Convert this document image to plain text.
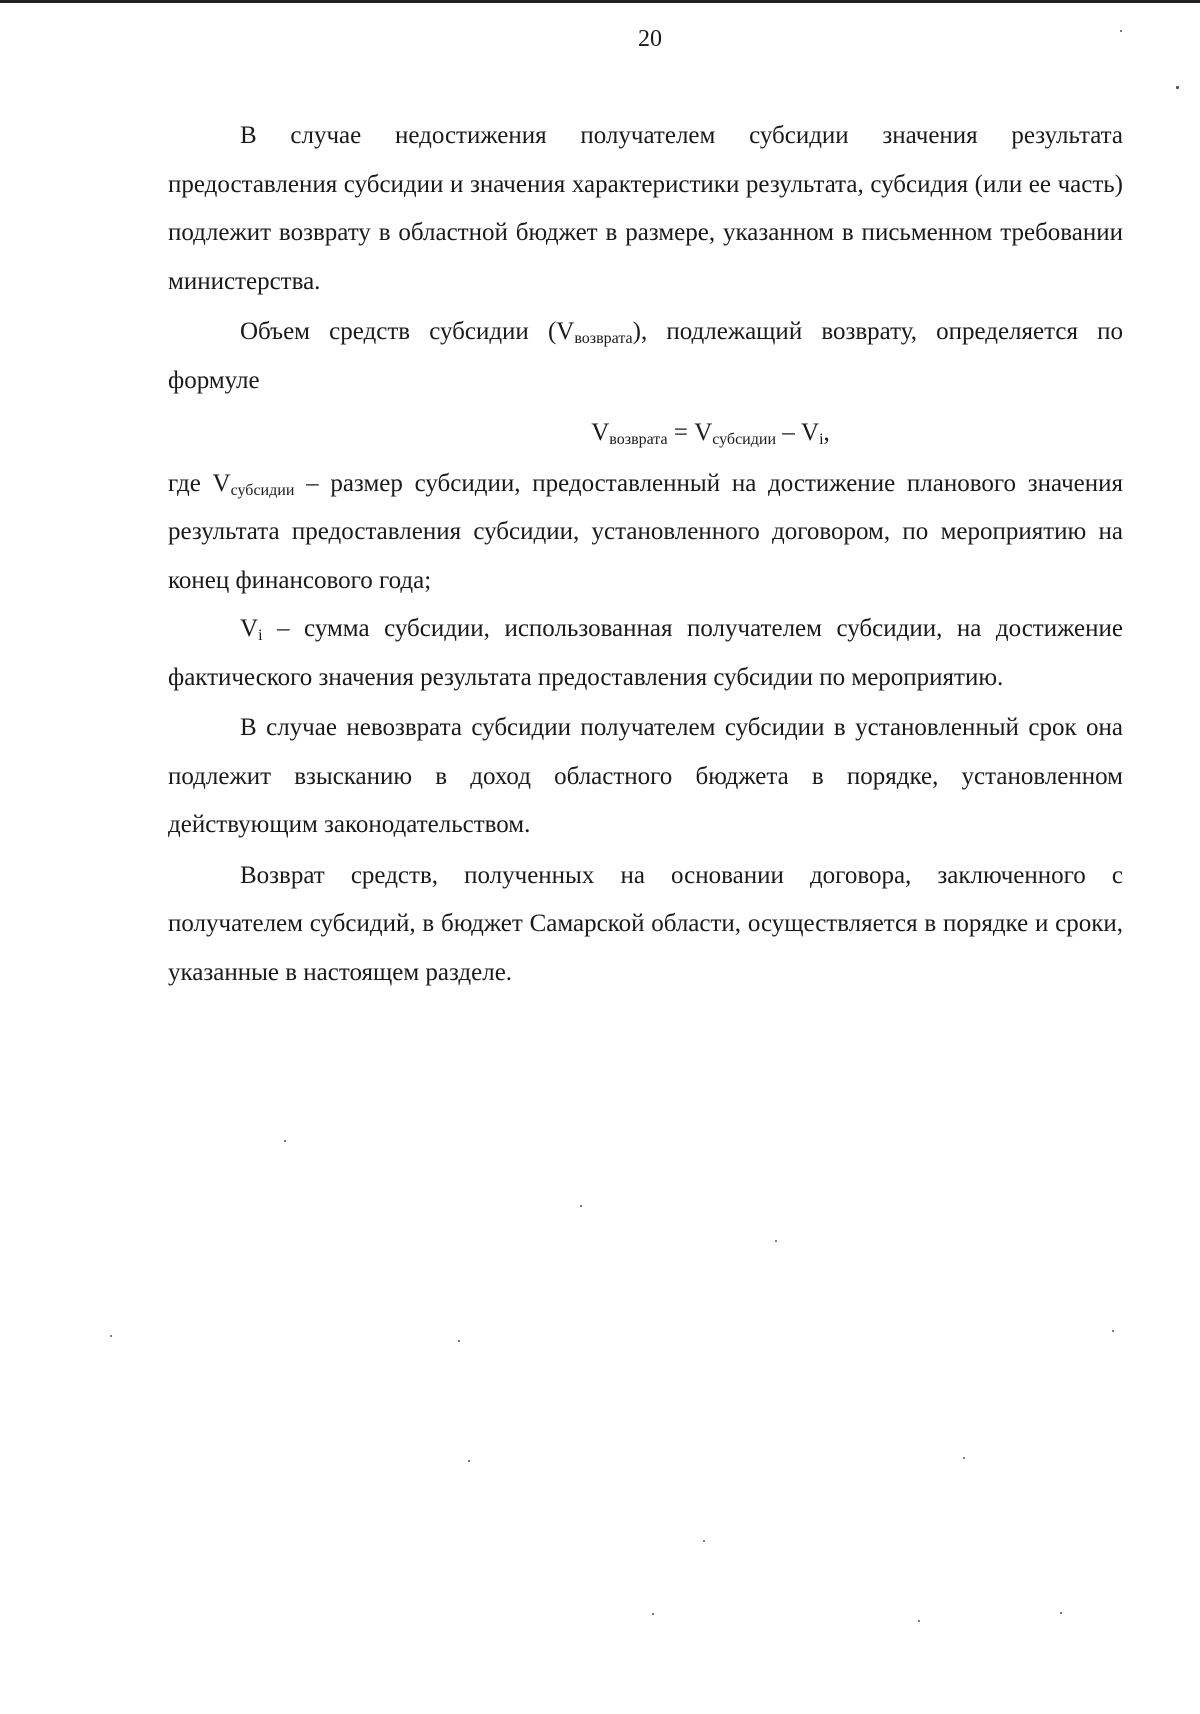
20

В случае недостижения получателем субсидии значения результата предоставления субсидии и значения характеристики результата, субсидия (или ее часть) подлежит возврату в областной бюджет в размере, указанном в письменном требовании министерства.

Объем средств субсидии $(V_{возврата})$, подлежащий возврату, определяется по формуле

$V_{возврата} = V_{субсидии} - V_i$,

где $V_{субсидии}$ – размер субсидии, предоставленный на достижение планового значения результата предоставления субсидии, установленного договором, по мероприятию на конец финансового года;

$V_i$ – сумма субсидии, использованная получателем субсидии, на достижение фактического значения результата предоставления субсидии по мероприятию.

В случае невозврата субсидии получателем субсидии в установленный срок она подлежит взысканию в доход областного бюджета в порядке, установленном действующим законодательством.

Возврат средств, полученных на основании договора, заключенного с получателем субсидий, в бюджет Самарской области, осуществляется в порядке и сроки, указанные в настоящем разделе.
